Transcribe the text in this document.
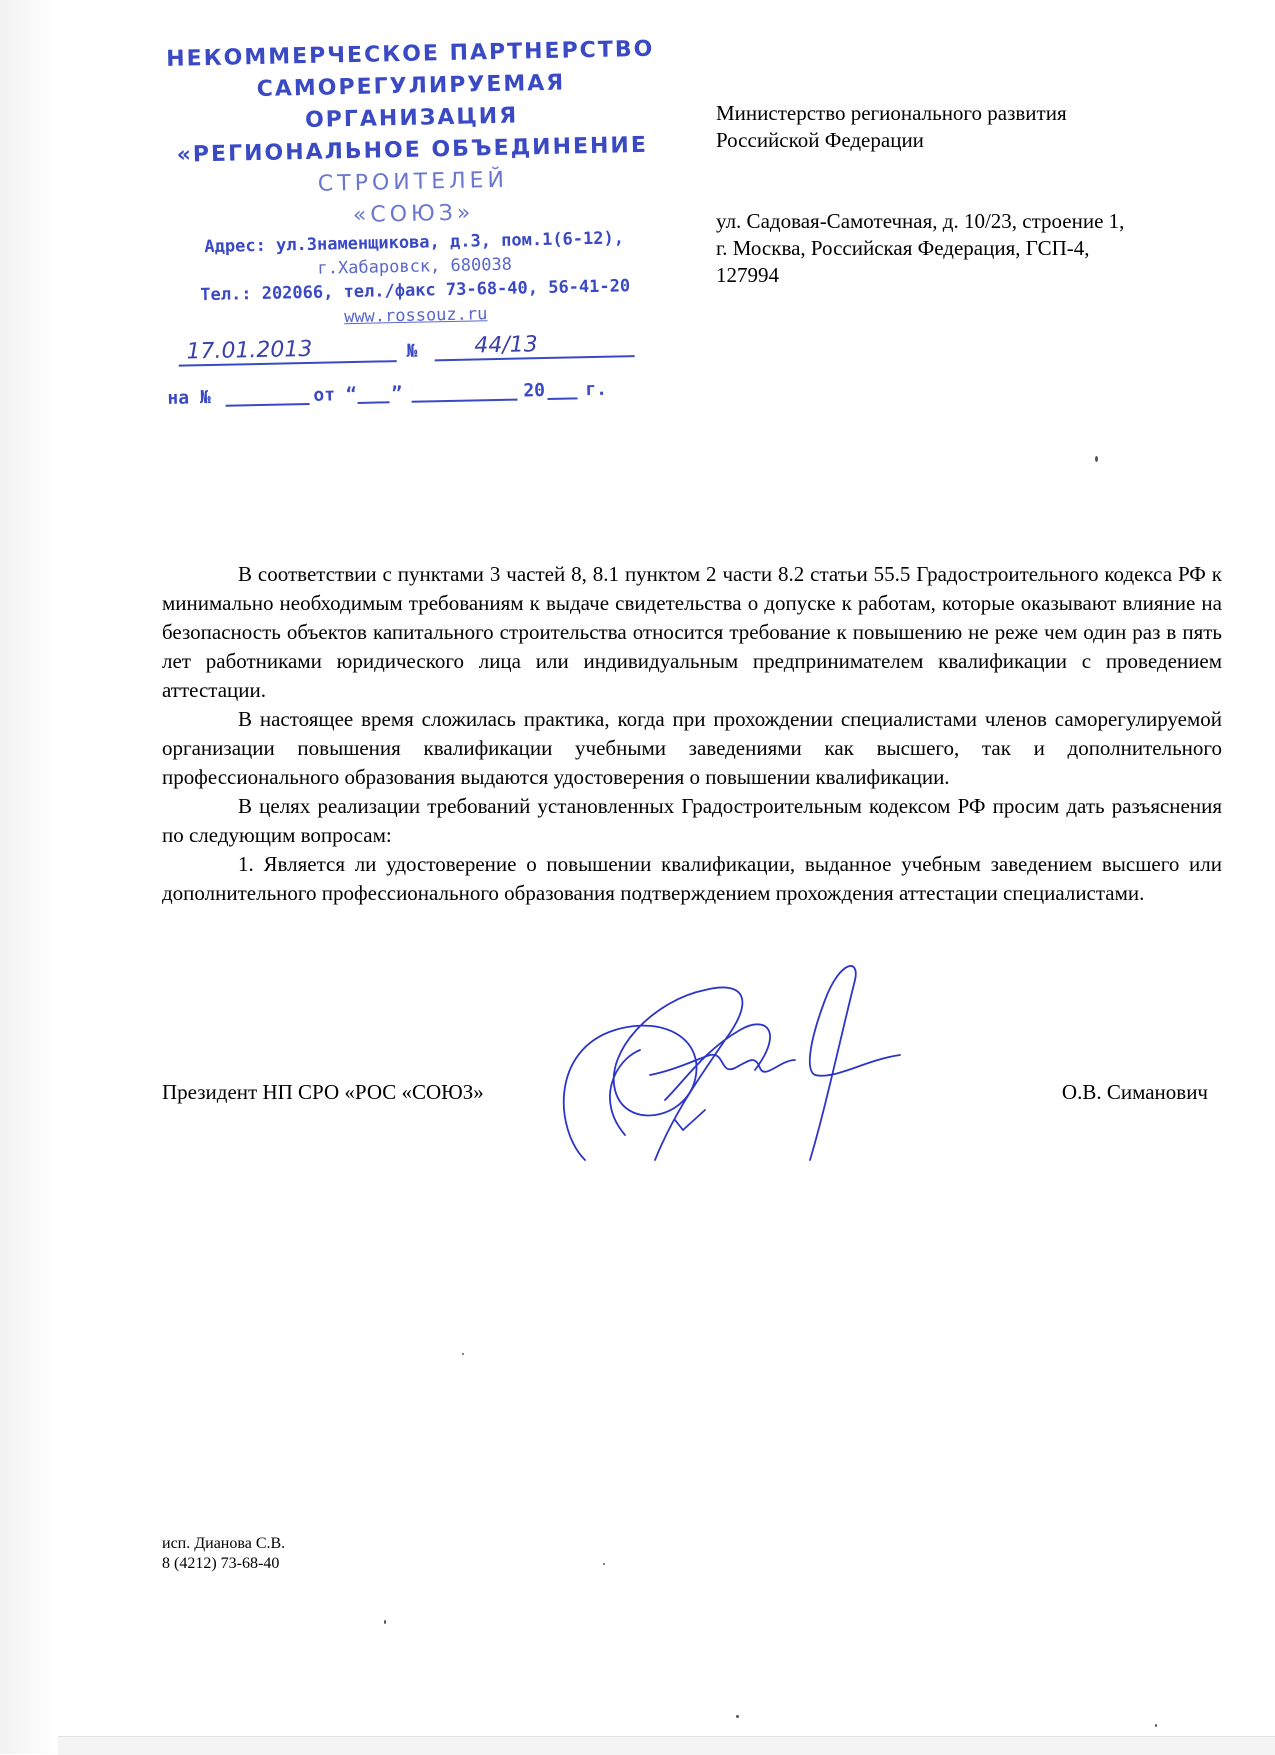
НЕКОММЕРЧЕСКОЕ ПАРТНЕРСТВО

САМОРЕГУЛИРУЕМАЯ ОРГАНИЗАЦИЯ

«РЕГИОНАЛЬНОЕ ОБЪЕДИНЕНИЕ

СТРОИТЕЛЕЙ

«СОЮЗ»

Адрес: ул.Знаменщикова, д.3, пом.1(6-12),

г.Хабаровск, 680038

Тел.: 202066, тел./факс 73-68-40, 56-41-20

www.rossouz.ru
17.01.2013	№	44/13
на №	от “ ”	20 г.

Министерство регионального развития

Российской Федерации

ул. Садовая-Самотечная, д. 10/23, строение 1,

г. Москва, Российская Федерация, ГСП-4,

127994

В соответствии с пунктами 3 частей 8, 8.1 пунктом 2 части 8.2 статьи 55.5 Градостроительного кодекса РФ к минимально необходимым требованиям к выдаче свидетельства о допуске к работам, которые оказывают влияние на безопасность объектов капитального строительства относится требование к повышению не реже чем один раз в пять лет работниками юридического лица или индивидуальным предпринимателем квалификации с проведением аттестации.

В настоящее время сложилась практика, когда при прохождении специалистами членов саморегулируемой организации повышения квалификации учебными заведениями как высшего, так и дополнительного профессионального образования выдаются удостоверения о повышении квалификации.

В целях реализации требований установленных Градостроительным кодексом РФ просим дать разъяснения по следующим вопросам:

1. Является ли удостоверение о повышении квалификации, выданное учебным заведением высшего или дополнительного профессионального образования подтверждением прохождения аттестации специалистами.

Президент НП СРО «РОС «СОЮЗ»	О.В. Симанович

исп. Дианова С.В.

8 (4212) 73-68-40
